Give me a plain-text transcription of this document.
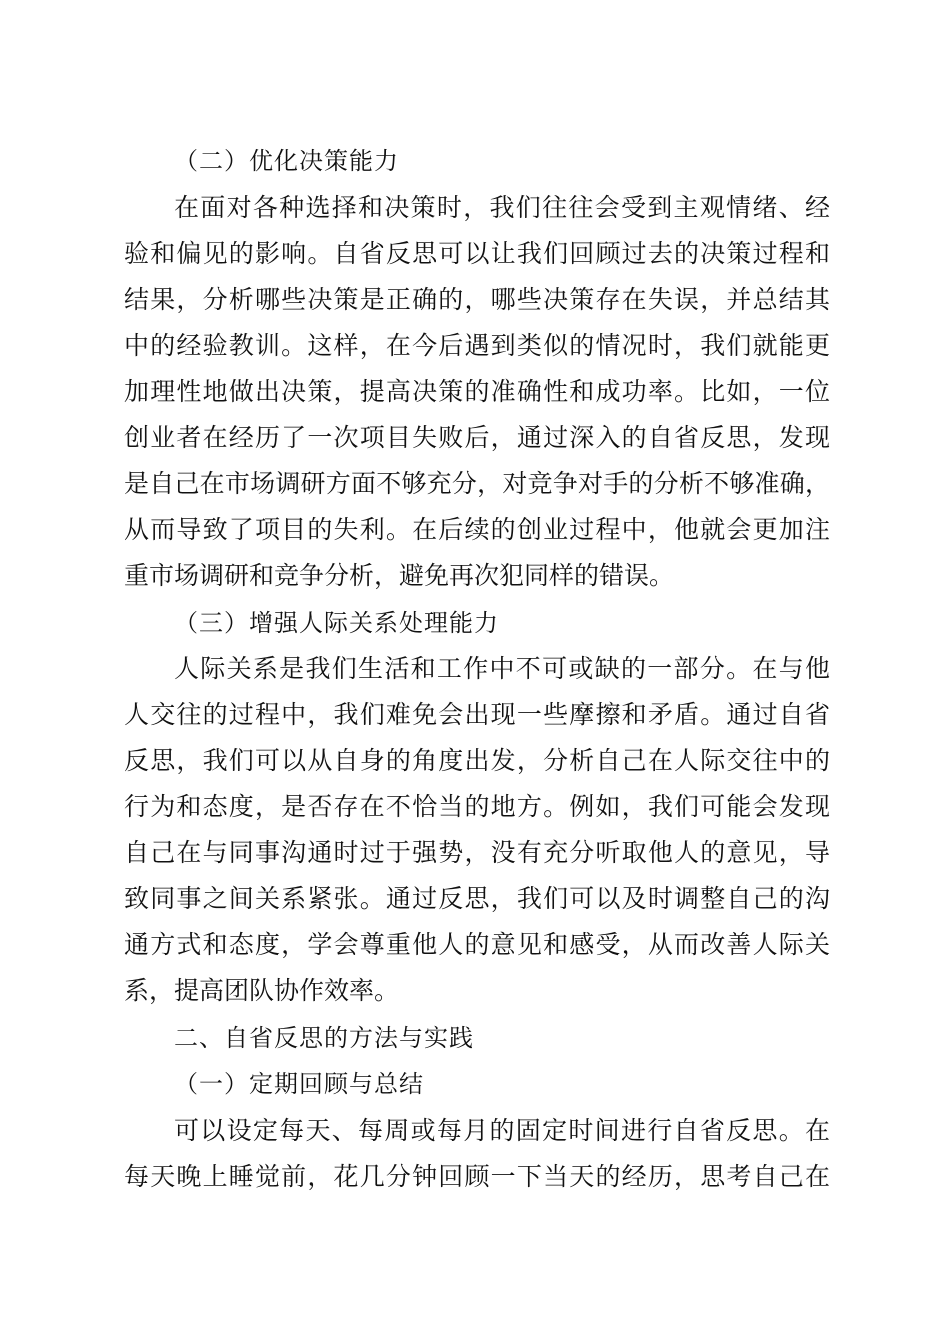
（二）优化决策能力
在面对各种选择和决策时，我们往往会受到主观情绪、经
验和偏见的影响。自省反思可以让我们回顾过去的决策过程和
结果，分析哪些决策是正确的，哪些决策存在失误，并总结其
中的经验教训。这样，在今后遇到类似的情况时，我们就能更
加理性地做出决策，提高决策的准确性和成功率。比如，一位
创业者在经历了一次项目失败后，通过深入的自省反思，发现
是自己在市场调研方面不够充分，对竞争对手的分析不够准确，
从而导致了项目的失利。在后续的创业过程中，他就会更加注
重市场调研和竞争分析，避免再次犯同样的错误。
（三）增强人际关系处理能力
人际关系是我们生活和工作中不可或缺的一部分。在与他
人交往的过程中，我们难免会出现一些摩擦和矛盾。通过自省
反思，我们可以从自身的角度出发，分析自己在人际交往中的
行为和态度，是否存在不恰当的地方。例如，我们可能会发现
自己在与同事沟通时过于强势，没有充分听取他人的意见，导
致同事之间关系紧张。通过反思，我们可以及时调整自己的沟
通方式和态度，学会尊重他人的意见和感受，从而改善人际关
系，提高团队协作效率。
二、自省反思的方法与实践
（一）定期回顾与总结
可以设定每天、每周或每月的固定时间进行自省反思。在
每天晚上睡觉前，花几分钟回顾一下当天的经历，思考自己在
